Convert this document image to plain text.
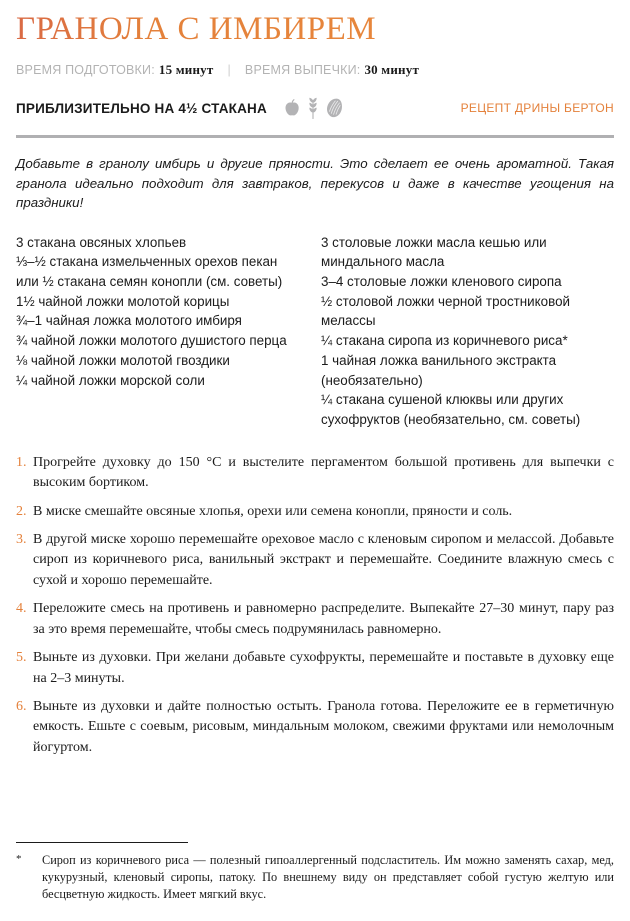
ГРАНОЛА С ИМБИРЕМ
ВРЕМЯ ПОДГОТОВКИ: 15 минут | ВРЕМЯ ВЫПЕЧКИ: 30 минут
ПРИБЛИЗИТЕЛЬНО НА 4½ СТАКАНА	РЕЦЕПТ ДРИНЫ БЕРТОН

Добавьте в гранолу имбирь и другие пряности. Это сделает ее очень ароматной. Такая гранола идеально подходит для завтраков, перекусов и даже в качестве угощения на праздники!

3 стакана овсяных хлопьев
⅓–½ стакана измельченных орехов пекан или ½ стакана семян конопли (см. советы)
1½ чайной ложки молотой корицы
¾–1 чайная ложка молотого имбиря
¾ чайной ложки молотого душистого перца
⅛ чайной ложки молотой гвоздики
¼ чайной ложки морской соли
3 столовые ложки масла кешью или миндального масла
3–4 столовые ложки кленового сиропа
½ столовой ложки черной тростниковой мелассы
¼ стакана сиропа из коричневого риса*
1 чайная ложка ванильного экстракта (необязательно)
¼ стакана сушеной клюквы или других сухофруктов (необязательно, см. советы)
1. Прогрейте духовку до 150 °C и выстелите пергаментом большой противень для выпечки с высоким бортиком.
2. В миске смешайте овсяные хлопья, орехи или семена конопли, пряности и соль.
3. В другой миске хорошо перемешайте ореховое масло с кленовым сиропом и мелассой. Добавьте сироп из коричневого риса, ванильный экстракт и перемешайте. Соедините влажную смесь с сухой и хорошо перемешайте.
4. Переложите смесь на противень и равномерно распределите. Выпекайте 27–30 минут, пару раз за это время перемешайте, чтобы смесь подрумянилась равномерно.
5. Выньте из духовки. При желани добавьте сухофрукты, перемешайте и поставьте в духовку еще на 2–3 минуты.
6. Выньте из духовки и дайте полностью остыть. Гранола готова. Переложите ее в герметичную емкость. Ешьте с соевым, рисовым, миндальным молоком, свежими фруктами или немолочным йогуртом.
*	Сироп из коричневого риса — полезный гипоаллергенный подсластитель. Им можно заменять сахар, мед, кукурузный, кленовый сиропы, патоку. По внешнему виду он представляет собой густую желтую или бесцветную жидкость. Имеет мягкий вкус.
